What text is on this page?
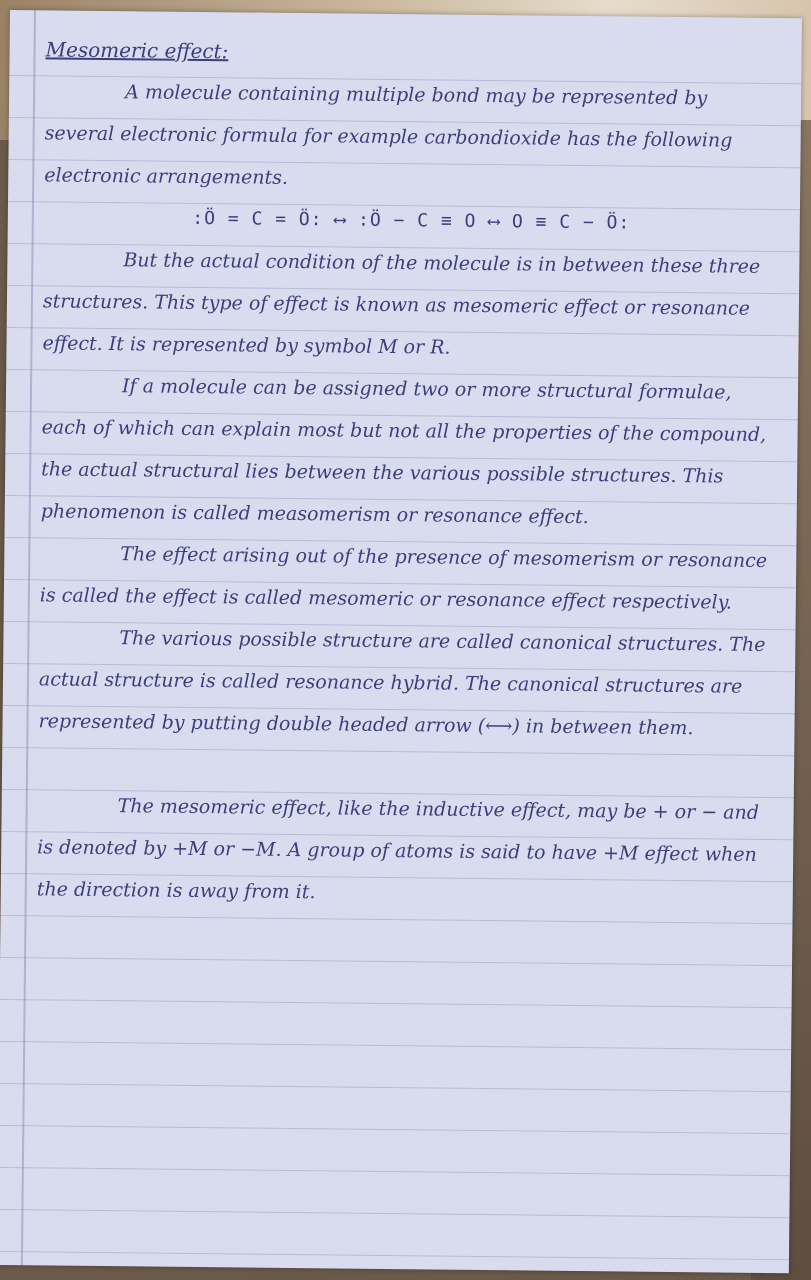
Mesomeric effect:

A molecule containing multiple bond may be represented by several electronic formula for example carbondioxide has the following electronic arrangements.

:Ö = C = Ö: ⟷ :Ö − C ≡ O ⟷ O ≡ C − Ö:

But the actual condition of the molecule is in between these three structures. This type of effect is known as mesomeric effect or resonance effect. It is represented by symbol M or R.

If a molecule can be assigned two or more structural formulae, each of which can explain most but not all the properties of the compound, the actual structural lies between the various possible structures. This phenomenon is called measomerism or resonance effect.

The effect arising out of the presence of mesomerism or resonance is called the effect is called mesomeric or resonance effect respectively.

The various possible structure are called canonical structures. The actual structure is called resonance hybrid. The canonical structures are represented by putting double headed arrow (⟷) in between them.

The mesomeric effect, like the inductive effect, may be + or − and is denoted by +M or −M. A group of atoms is said to have +M effect when the direction is away from it.
